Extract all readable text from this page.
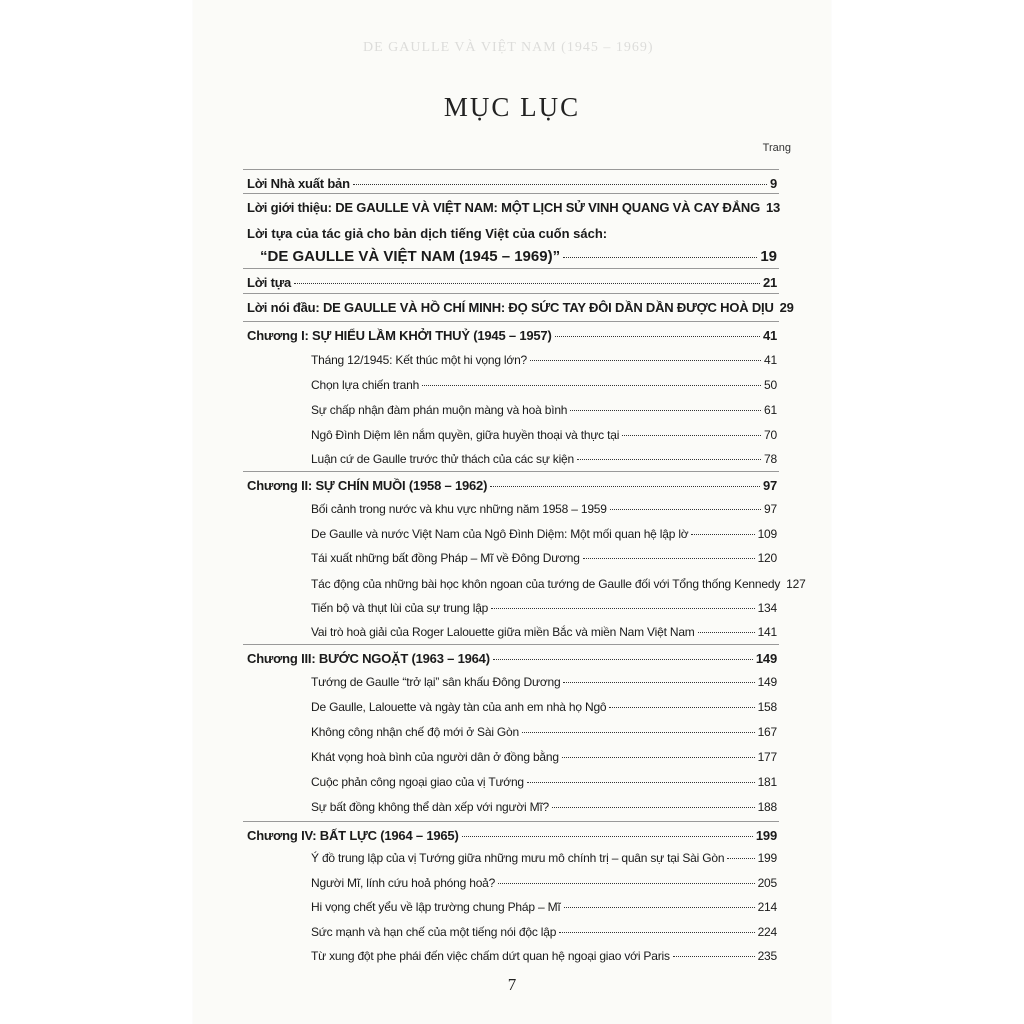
DE GAULLE VÀ VIỆT NAM (1945 – 1969)
MỤC LỤC
Trang
Lời Nhà xuất bản	9
Lời giới thiệu: DE GAULLE VÀ VIỆT NAM: MỘT LỊCH SỬ VINH QUANG VÀ CAY ĐẮNG 13
Lời tựa của tác giả cho bản dịch tiếng Việt của cuốn sách:
“DE GAULLE VÀ VIỆT NAM (1945 – 1969)”	19
Lời tựa	21
Lời nói đầu: DE GAULLE VÀ HỒ CHÍ MINH: ĐỌ SỨC TAY ĐÔI DẦN DẦN ĐƯỢC HOÀ DỊU 29
Chương I: SỰ HIỂU LẦM KHỞI THUỶ (1945 – 1957)	41
Tháng 12/1945: Kết thúc một hi vọng lớn?	41
Chọn lựa chiến tranh	50
Sự chấp nhận đàm phán muộn màng và hoà bình	61
Ngô Đình Diệm lên nắm quyền, giữa huyền thoại và thực tại	70
Luận cứ de Gaulle trước thử thách của các sự kiện	78
Chương II: SỰ CHÍN MUỒI (1958 – 1962)	97
Bối cảnh trong nước và khu vực những năm 1958 – 1959	97
De Gaulle và nước Việt Nam của Ngô Đình Diệm: Một mối quan hệ lập lờ	109
Tái xuất những bất đồng Pháp – Mĩ về Đông Dương	120
Tác động của những bài học khôn ngoan của tướng de Gaulle đối với Tổng thống Kennedy 127
Tiến bộ và thụt lùi của sự trung lập	134
Vai trò hoà giải của Roger Lalouette giữa miền Bắc và miền Nam Việt Nam	141
Chương III: BƯỚC NGOẶT (1963 – 1964)	149
Tướng de Gaulle “trở lại” sân khấu Đông Dương	149
De Gaulle, Lalouette và ngày tàn của anh em nhà họ Ngô	158
Không công nhận chế độ mới ở Sài Gòn	167
Khát vọng hoà bình của người dân ở đồng bằng	177
Cuộc phản công ngoại giao của vị Tướng	181
Sự bất đồng không thể dàn xếp với người Mĩ?	188
Chương IV: BẤT LỰC (1964 – 1965)	199
Ý đồ trung lập của vị Tướng giữa những mưu mô chính trị – quân sự tại Sài Gòn	199
Người Mĩ, lính cứu hoả phóng hoả?	205
Hi vọng chết yểu về lập trường chung Pháp – Mĩ	214
Sức mạnh và hạn chế của một tiếng nói độc lập	224
Từ xung đột phe phái đến việc chấm dứt quan hệ ngoại giao với Paris	235
7
